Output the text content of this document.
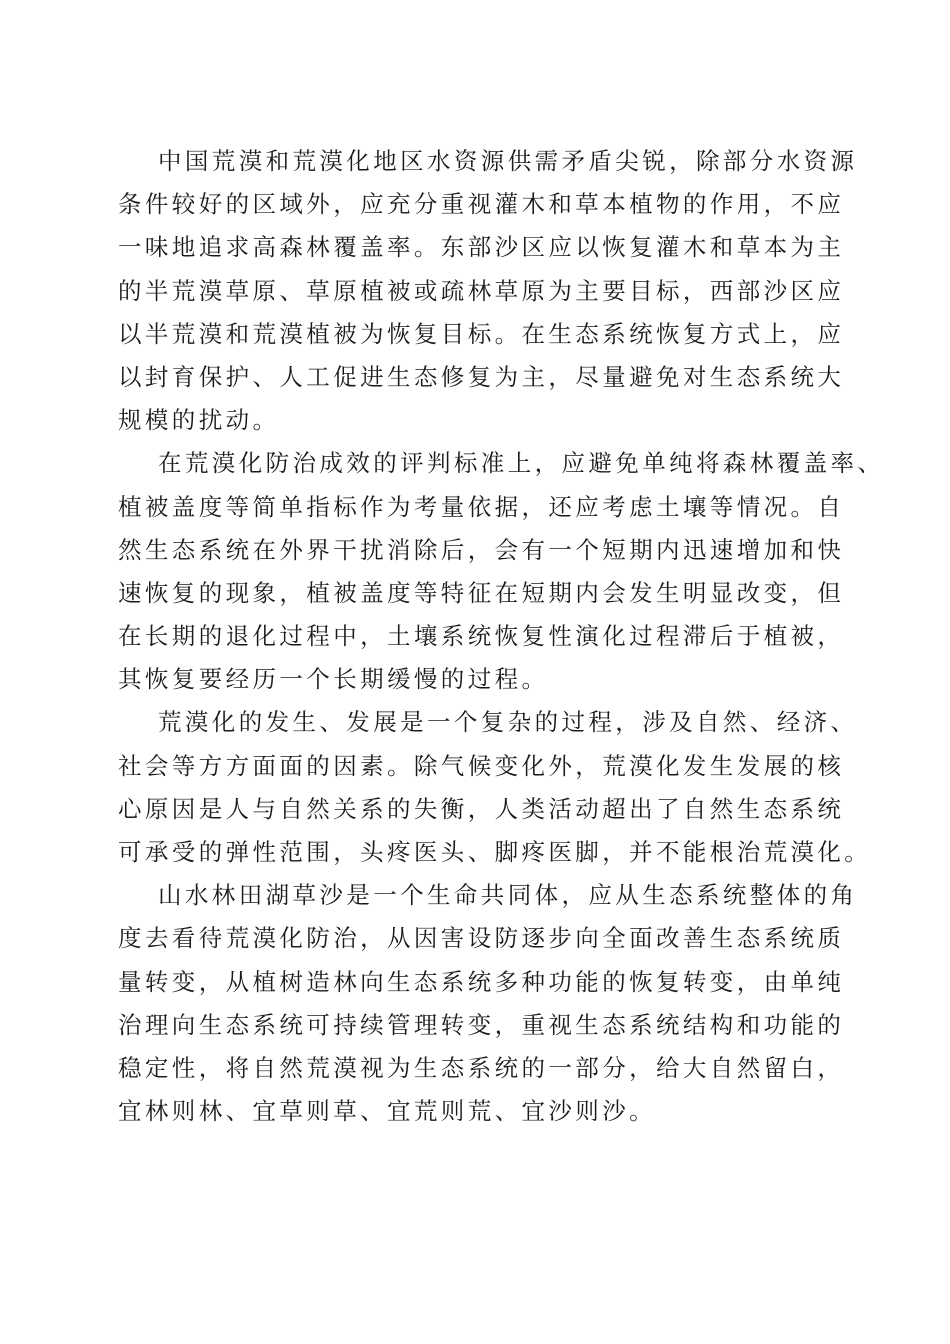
中国荒漠和荒漠化地区水资源供需矛盾尖锐，除部分水资源
条件较好的区域外，应充分重视灌木和草本植物的作用，不应
一味地追求高森林覆盖率。东部沙区应以恢复灌木和草本为主
的半荒漠草原、草原植被或疏林草原为主要目标，西部沙区应
以半荒漠和荒漠植被为恢复目标。在生态系统恢复方式上，应
以封育保护、人工促进生态修复为主，尽量避免对生态系统大
规模的扰动。
在荒漠化防治成效的评判标准上，应避免单纯将森林覆盖率、
植被盖度等简单指标作为考量依据，还应考虑土壤等情况。自
然生态系统在外界干扰消除后，会有一个短期内迅速增加和快
速恢复的现象，植被盖度等特征在短期内会发生明显改变，但
在长期的退化过程中，土壤系统恢复性演化过程滞后于植被，
其恢复要经历一个长期缓慢的过程。
荒漠化的发生、发展是一个复杂的过程，涉及自然、经济、
社会等方方面面的因素。除气候变化外，荒漠化发生发展的核
心原因是人与自然关系的失衡，人类活动超出了自然生态系统
可承受的弹性范围，头疼医头、脚疼医脚，并不能根治荒漠化。
山水林田湖草沙是一个生命共同体，应从生态系统整体的角
度去看待荒漠化防治，从因害设防逐步向全面改善生态系统质
量转变，从植树造林向生态系统多种功能的恢复转变，由单纯
治理向生态系统可持续管理转变，重视生态系统结构和功能的
稳定性，将自然荒漠视为生态系统的一部分，给大自然留白，
宜林则林、宜草则草、宜荒则荒、宜沙则沙。
